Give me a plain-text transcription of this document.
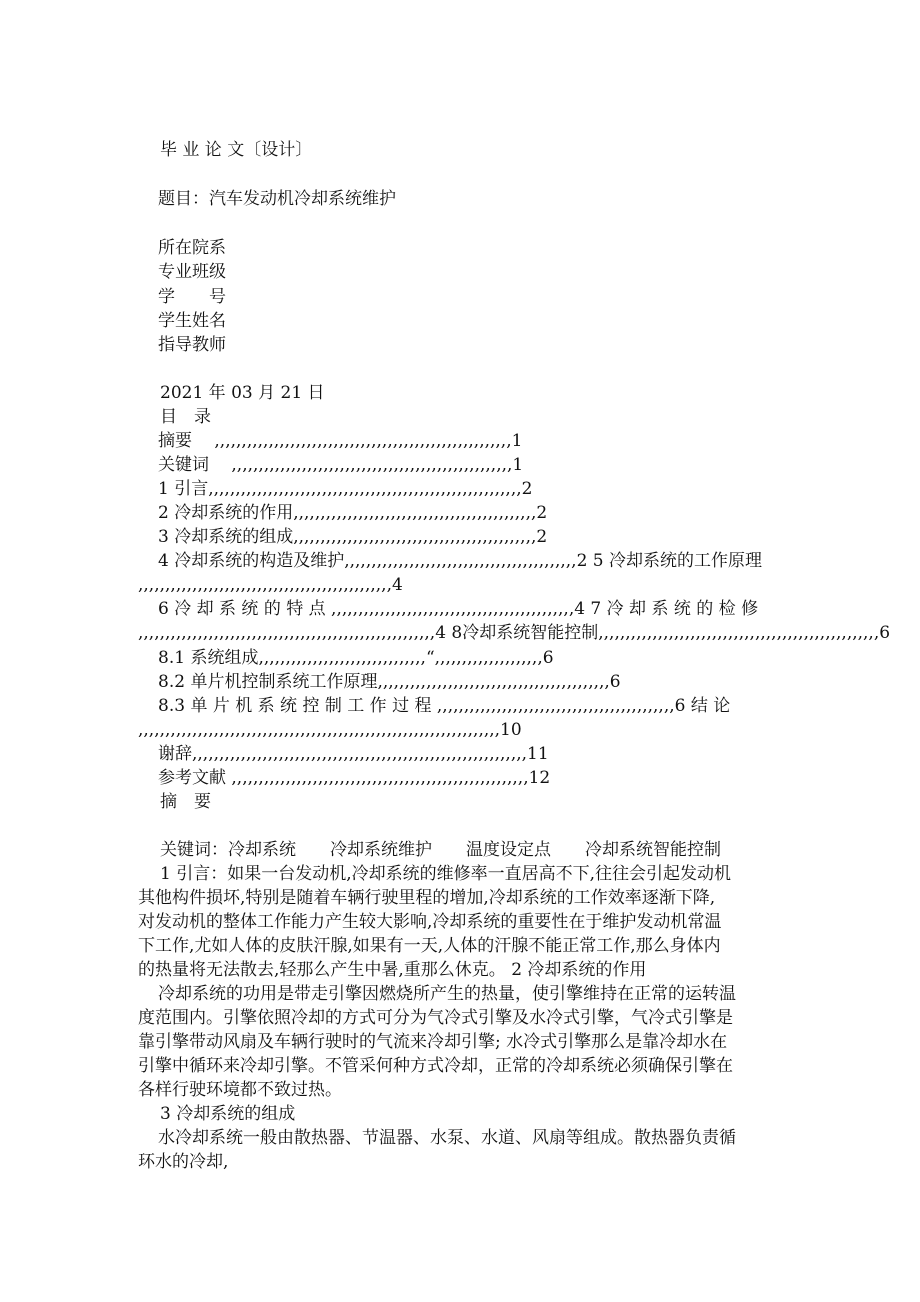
毕 业 论 文〔设计〕
题目：汽车发动机冷却系统维护
所在院系
专业班级
学　　号
学生姓名
指导教师
2021 年 03 月 21 日
目　录
摘要　 ,,,,,,,,,,,,,,,,,,,,,,,,,,,,,,,,,,,,,,,,,,,,,,,,,,,,,,,1
关键词　 ,,,,,,,,,,,,,,,,,,,,,,,,,,,,,,,,,,,,,,,,,,,,,,,,,,,,1
1 引言,,,,,,,,,,,,,,,,,,,,,,,,,,,,,,,,,,,,,,,,,,,,,,,,,,,,,,,,,,2
2 冷却系统的作用,,,,,,,,,,,,,,,,,,,,,,,,,,,,,,,,,,,,,,,,,,,,,2
3 冷却系统的组成,,,,,,,,,,,,,,,,,,,,,,,,,,,,,,,,,,,,,,,,,,,,,2
4 冷却系统的构造及维护,,,,,,,,,,,,,,,,,,,,,,,,,,,,,,,,,,,,,,,,,,,2 5 冷却系统的工作原理
,,,,,,,,,,,,,,,,,,,,,,,,,,,,,,,,,,,,,,,,,,,,,,,4
6 冷 却 系 统 的 特 点 ,,,,,,,,,,,,,,,,,,,,,,,,,,,,,,,,,,,,,,,,,,,,,4 7 冷 却 系 统 的 检 修
,,,,,,,,,,,,,,,,,,,,,,,,,,,,,,,,,,,,,,,,,,,,,,,,,,,,,,,4 8冷却系统智能控制,,,,,,,,,,,,,,,,,,,,,,,,,,,,,,,,,,,,,,,,,,,,,,,,,,,,6
8.1 系统组成,,,,,,,,,,,,,,,,,,,,,,,,,,,,,,,“,,,,,,,,,,,,,,,,,,,,6
8.2 单片机控制系统工作原理,,,,,,,,,,,,,,,,,,,,,,,,,,,,,,,,,,,,,,,,,,,6
8.3 单 片 机 系 统 控 制 工 作 过 程 ,,,,,,,,,,,,,,,,,,,,,,,,,,,,,,,,,,,,,,,,,,,,6 结 论
,,,,,,,,,,,,,,,,,,,,,,,,,,,,,,,,,,,,,,,,,,,,,,,,,,,,,,,,,,,,,,,,,,,10
谢辞,,,,,,,,,,,,,,,,,,,,,,,,,,,,,,,,,,,,,,,,,,,,,,,,,,,,,,,,,,,,,,11
参考文献 ,,,,,,,,,,,,,,,,,,,,,,,,,,,,,,,,,,,,,,,,,,,,,,,,,,,,,,,12
摘　要
关键词：冷却系统　　冷却系统维护　　温度设定点　　冷却系统智能控制
1 引言：如果一台发动机,冷却系统的维修率一直居高不下,往往会引起发动机
其他构件损坏,特别是随着车辆行驶里程的增加,冷却系统的工作效率逐渐下降,
对发动机的整体工作能力产生较大影响,冷却系统的重要性在于维护发动机常温
下工作,尤如人体的皮肤汗腺,如果有一天,人体的汗腺不能正常工作,那么身体内
的热量将无法散去,轻那么产生中暑,重那么休克。 2 冷却系统的作用
冷却系统的功用是带走引擎因燃烧所产生的热量，使引擎维持在正常的运转温
度范围内。引擎依照冷却的方式可分为气冷式引擎及水冷式引擎，气冷式引擎是
靠引擎带动风扇及车辆行驶时的气流来冷却引擎; 水冷式引擎那么是靠冷却水在
引擎中循环来冷却引擎。不管采何种方式冷却，正常的冷却系统必须确保引擎在
各样行驶环境都不致过热。
3 冷却系统的组成
水冷却系统一般由散热器、节温器、水泵、水道、风扇等组成。散热器负责循
环水的冷却,
